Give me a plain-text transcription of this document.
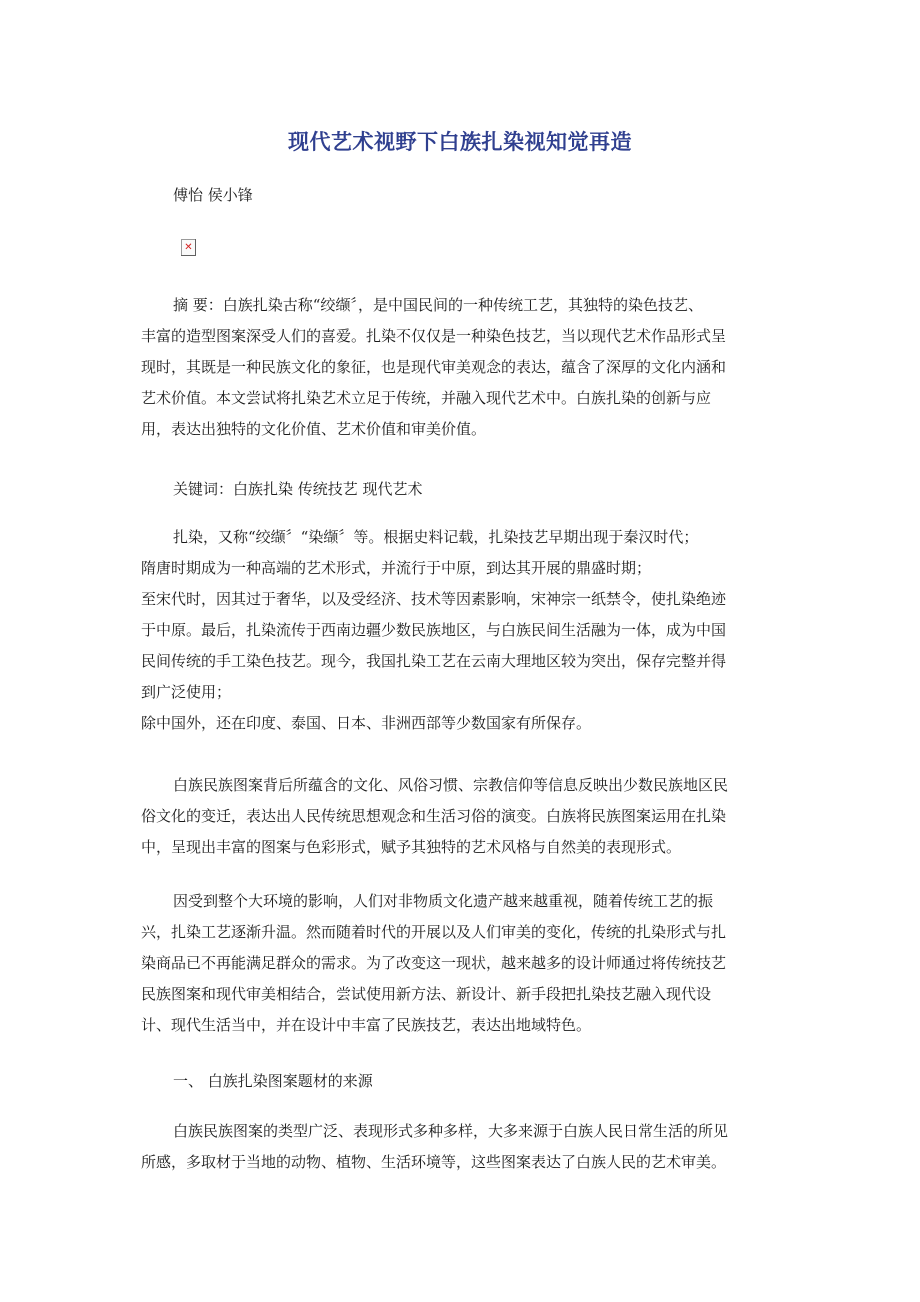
现代艺术视野下白族扎染视知觉再造
傅怡 侯小锋
✕
摘 要：白族扎染古称“绞缬〞，是中国民间的一种传统工艺，其独特的染色技艺、
丰富的造型图案深受人们的喜爱。扎染不仅仅是一种染色技艺，当以现代艺术作品形式呈
现时，其既是一种民族文化的象征，也是现代审美观念的表达，蕴含了深厚的文化内涵和
艺术价值。本文尝试将扎染艺术立足于传统，并融入现代艺术中。白族扎染的创新与应
用，表达出独特的文化价值、艺术价值和审美价值。
关键词：白族扎染 传统技艺 现代艺术
扎染，又称“绞缬〞“染缬〞等。根据史料记载，扎染技艺早期出现于秦汉时代；
隋唐时期成为一种高端的艺术形式，并流行于中原，到达其开展的鼎盛时期；
至宋代时，因其过于奢华，以及受经济、技术等因素影响，宋神宗一纸禁令，使扎染绝迹
于中原。最后，扎染流传于西南边疆少数民族地区，与白族民间生活融为一体，成为中国
民间传统的手工染色技艺。现今，我国扎染工艺在云南大理地区较为突出，保存完整并得
到广泛使用；
除中国外，还在印度、泰国、日本、非洲西部等少数国家有所保存。
白族民族图案背后所蕴含的文化、风俗习惯、宗教信仰等信息反映出少数民族地区民
俗文化的变迁，表达出人民传统思想观念和生活习俗的演变。白族将民族图案运用在扎染
中，呈现出丰富的图案与色彩形式，赋予其独特的艺术风格与自然美的表现形式。
因受到整个大环境的影响，人们对非物质文化遗产越来越重视，随着传统工艺的振
兴，扎染工艺逐渐升温。然而随着时代的开展以及人们审美的变化，传统的扎染形式与扎
染商品已不再能满足群众的需求。为了改变这一现状，越来越多的设计师通过将传统技艺
民族图案和现代审美相结合，尝试使用新方法、新设计、新手段把扎染技艺融入现代设
计、现代生活当中，并在设计中丰富了民族技艺，表达出地域特色。
一、 白族扎染图案题材的来源
白族民族图案的类型广泛、表现形式多种多样，大多来源于白族人民日常生活的所见
所感，多取材于当地的动物、植物、生活环境等，这些图案表达了白族人民的艺术审美。
